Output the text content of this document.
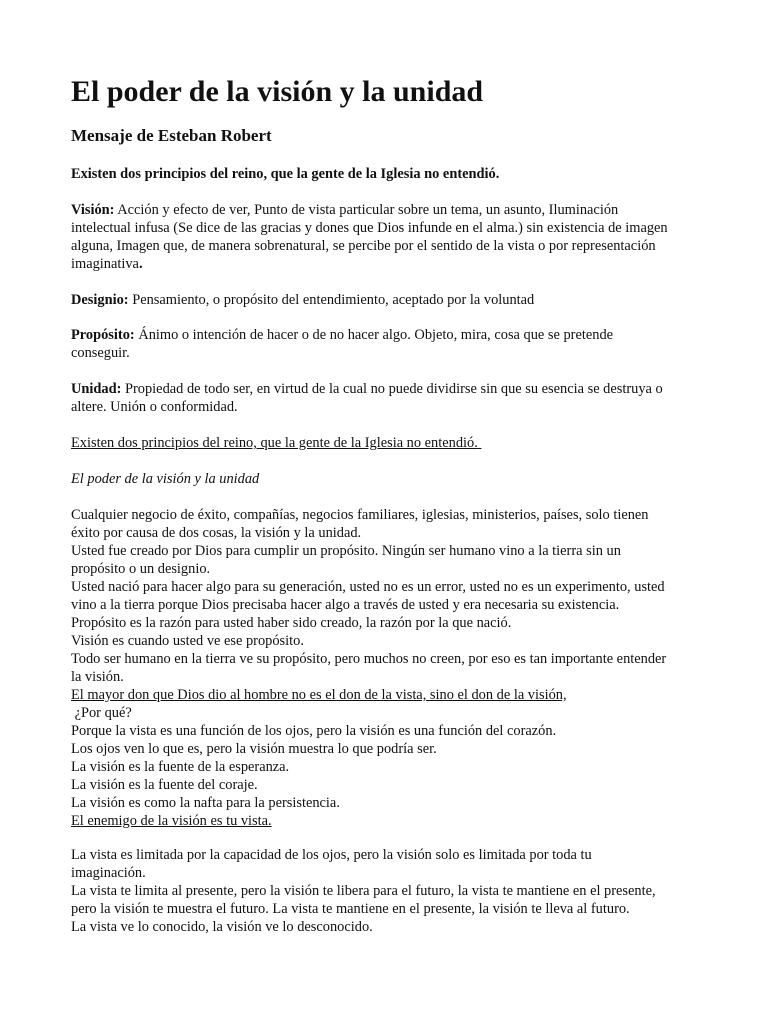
El poder de la visión y la unidad
Mensaje de Esteban Robert

Existen dos principios del reino, que la gente de la Iglesia no entendió.

Visión: Acción y efecto de ver, Punto de vista particular sobre un tema, un asunto, Iluminación
intelectual infusa (Se dice de las gracias y dones que Dios infunde en el alma.) sin existencia de imagen
alguna, Imagen que, de manera sobrenatural, se percibe por el sentido de la vista o por representación
imaginativa.
Designio: Pensamiento, o propósito del entendimiento, aceptado por la voluntad
Propósito: Ánimo o intención de hacer o de no hacer algo. Objeto, mira, cosa que se pretende
conseguir.
Unidad: Propiedad de todo ser, en virtud de la cual no puede dividirse sin que su esencia se destruya o
altere. Unión o conformidad.

Existen dos principios del reino, que la gente de la Iglesia no entendió.

El poder de la visión y la unidad

Cualquier negocio de éxito, compañías, negocios familiares, iglesias, ministerios, países, solo tienen
éxito por causa de dos cosas, la visión y la unidad.
Usted fue creado por Dios para cumplir un propósito. Ningún ser humano vino a la tierra sin un
propósito o un designio.
Usted nació para hacer algo para su generación, usted no es un error, usted no es un experimento, usted
vino a la tierra porque Dios precisaba hacer algo a través de usted y era necesaria su existencia.
Propósito es la razón para usted haber sido creado, la razón por la que nació.
Visión es cuando usted ve ese propósito.
Todo ser humano en la tierra ve su propósito, pero muchos no creen, por eso es tan importante entender
la visión.
El mayor don que Dios dio al hombre no es el don de la vista, sino el don de la visión,
¿Por qué?
Porque la vista es una función de los ojos, pero la visión es una función del corazón.
Los ojos ven lo que es, pero la visión muestra lo que podría ser.
La visión es la fuente de la esperanza.
La visión es la fuente del coraje.
La visión es como la nafta para la persistencia.
El enemigo de la visión es tu vista.
La vista es limitada por la capacidad de los ojos, pero la visión solo es limitada por toda tu
imaginación.
La vista te limita al presente, pero la visión te libera para el futuro, la vista te mantiene en el presente,
pero la visión te muestra el futuro. La vista te mantiene en el presente, la visión te lleva al futuro.
La vista ve lo conocido, la visión ve lo desconocido.
